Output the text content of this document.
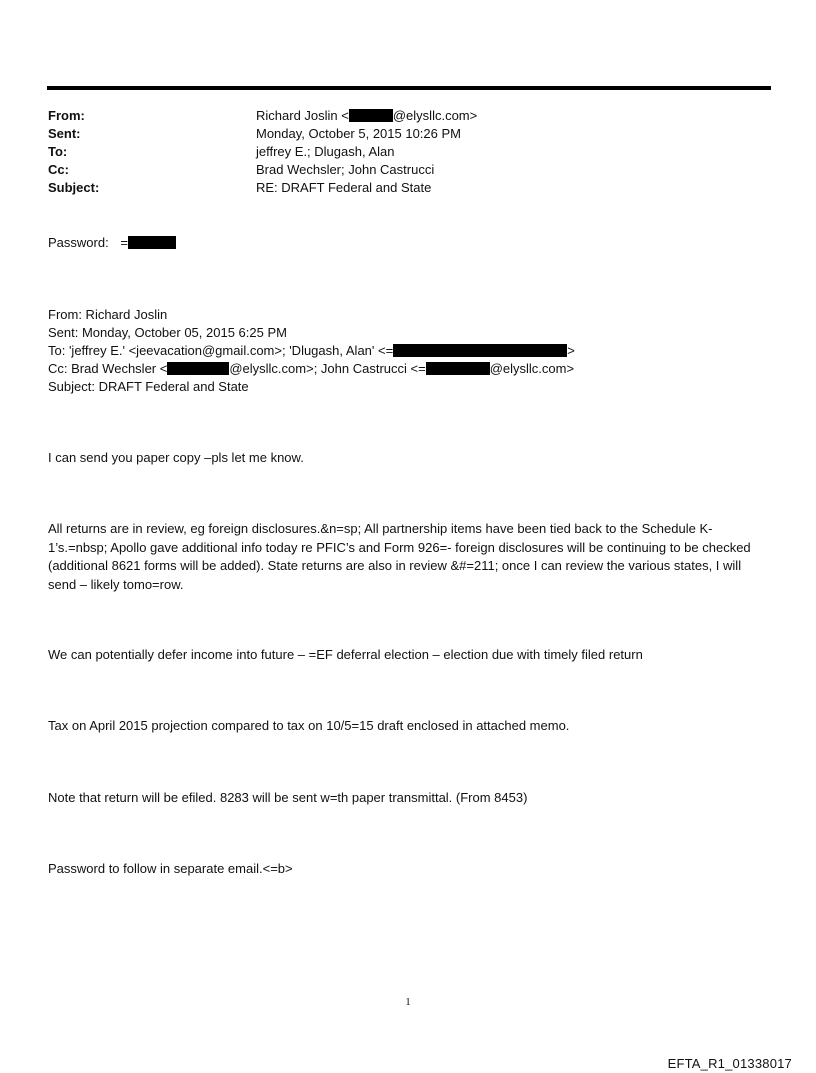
From:	Richard Joslin <	@elysllc.com>
Sent:	Monday, October 5, 2015 10:26 PM
To:	jeffrey E.; Dlugash, Alan
Cc:	Brad Wechsler; John Castrucci
Subject:	RE: DRAFT Federal and State
Password: =
From: Richard Joslin
Sent: Monday, October 05, 2015 6:25 PM
To: 'jeffrey E.' <jeevacation@gmail.com>; 'Dlugash, Alan' <=	>
Cc: Brad Wechsler <	@elysllc.com>; John Castrucci <=	@elysllc.com>
Subject: DRAFT Federal and State
I can send you paper copy –pls let me know.
All returns are in review, eg foreign disclosures.&n=sp; All partnership items have been tied back to the Schedule K-1’s.=nbsp; Apollo gave additional info today re PFIC’s and Form 926=- foreign disclosures will be continuing to be checked (additional 8621 forms will be added). State returns are also in review &#=211; once I can review the various states, I will send – likely tomo=row.
We can potentially defer income into future – =EF deferral election – election due with timely filed return
Tax on April 2015 projection compared to tax on 10/5=15 draft enclosed in attached memo.
Note that return will be efiled. 8283 will be sent w=th paper transmittal. (From 8453)
Password to follow in separate email.<=b>
1
EFTA_R1_01338017
